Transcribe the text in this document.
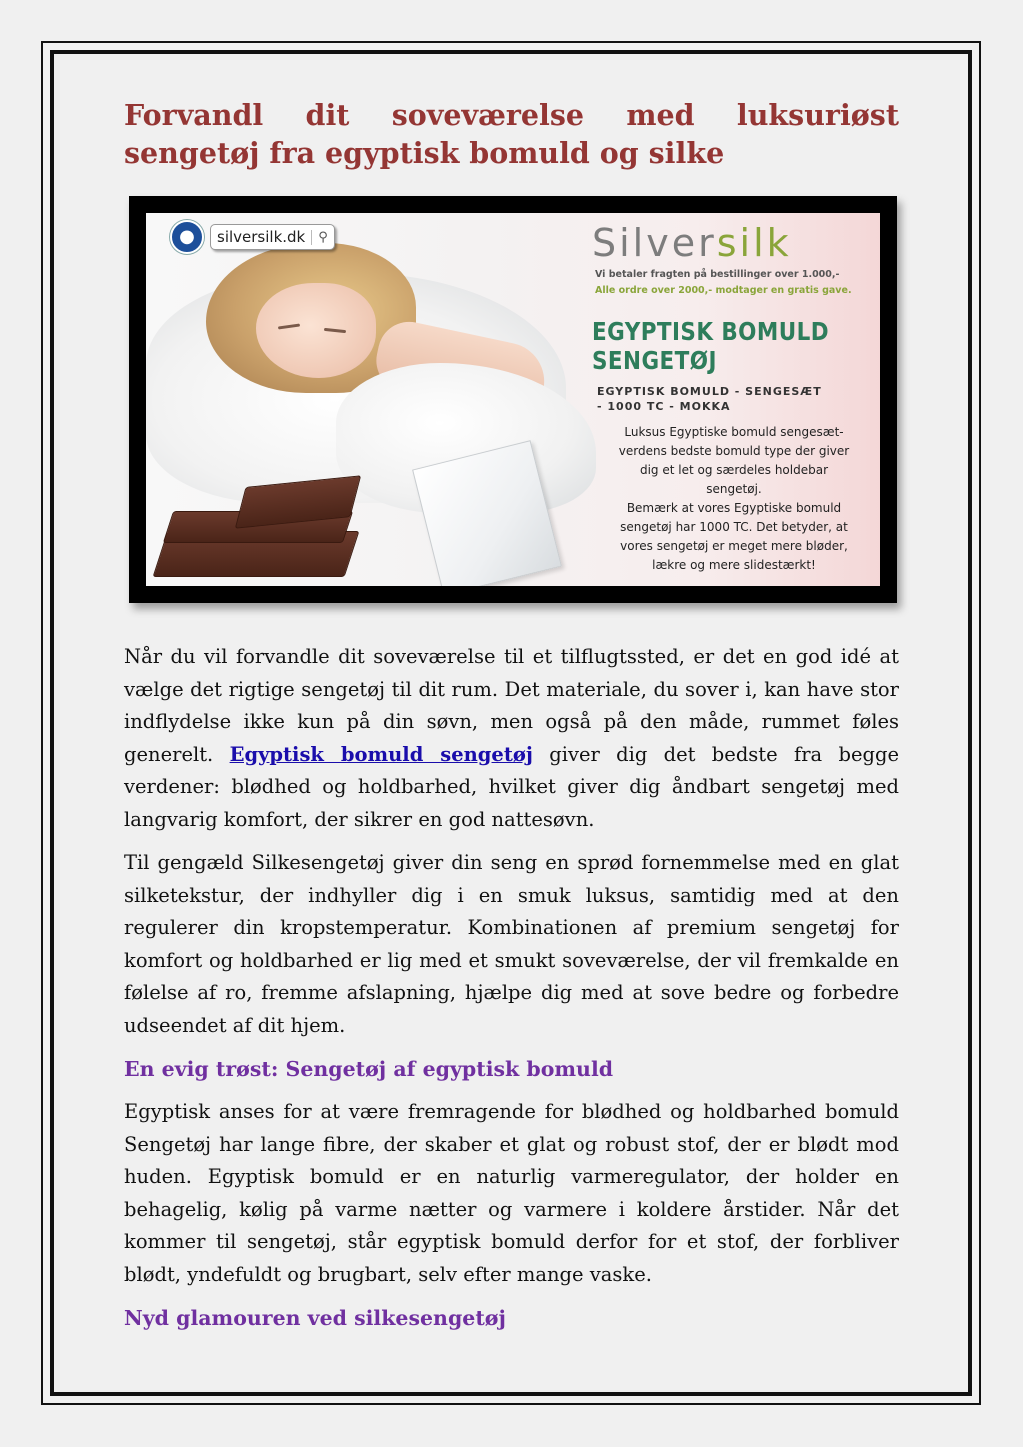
Forvandl dit soveværelse med luksuriøst sengetøj fra egyptisk bomuld og silke
●	silversilk.dk	⚲	Silversilk
Vi betaler fragten på bestillinger over 1.000,-
Alle ordre over 2000,- modtager en gratis gave.
EGYPTISK BOMULD
SENGETØJ
EGYPTISK BOMULD - SENGESÆT
- 1000 TC - MOKKA
Luksus Egyptiske bomuld sengesæt-
verdens bedste bomuld type der giver
dig et let og særdeles holdebar
sengetøj.
Bemærk at vores Egyptiske bomuld
sengetøj har 1000 TC. Det betyder, at
vores sengetøj er meget mere bløder,
lækre og mere slidestærkt!

Når du vil forvandle dit soveværelse til et tilflugtssted, er det en god idé at vælge det rigtige sengetøj til dit rum. Det materiale, du sover i, kan have stor indflydelse ikke kun på din søvn, men også på den måde, rummet føles generelt. Egyptisk bomuld sengetøj giver dig det bedste fra begge verdener: blødhed og holdbarhed, hvilket giver dig åndbart sengetøj med langvarig komfort, der sikrer en god nattesøvn.

Til gengæld Silkesengetøj giver din seng en sprød fornemmelse med en glat silketekstur, der indhyller dig i en smuk luksus, samtidig med at den regulerer din kropstemperatur. Kombinationen af premium sengetøj for komfort og holdbarhed er lig med et smukt soveværelse, der vil fremkalde en følelse af ro, fremme afslapning, hjælpe dig med at sove bedre og forbedre udseendet af dit hjem.

En evig trøst: Sengetøj af egyptisk bomuld

Egyptisk anses for at være fremragende for blødhed og holdbarhed bomuld Sengetøj har lange fibre, der skaber et glat og robust stof, der er blødt mod huden. Egyptisk bomuld er en naturlig varmeregulator, der holder en behagelig, kølig på varme nætter og varmere i koldere årstider. Når det kommer til sengetøj, står egyptisk bomuld derfor for et stof, der forbliver blødt, yndefuldt og brugbart, selv efter mange vaske.

Nyd glamouren ved silkesengetøj
